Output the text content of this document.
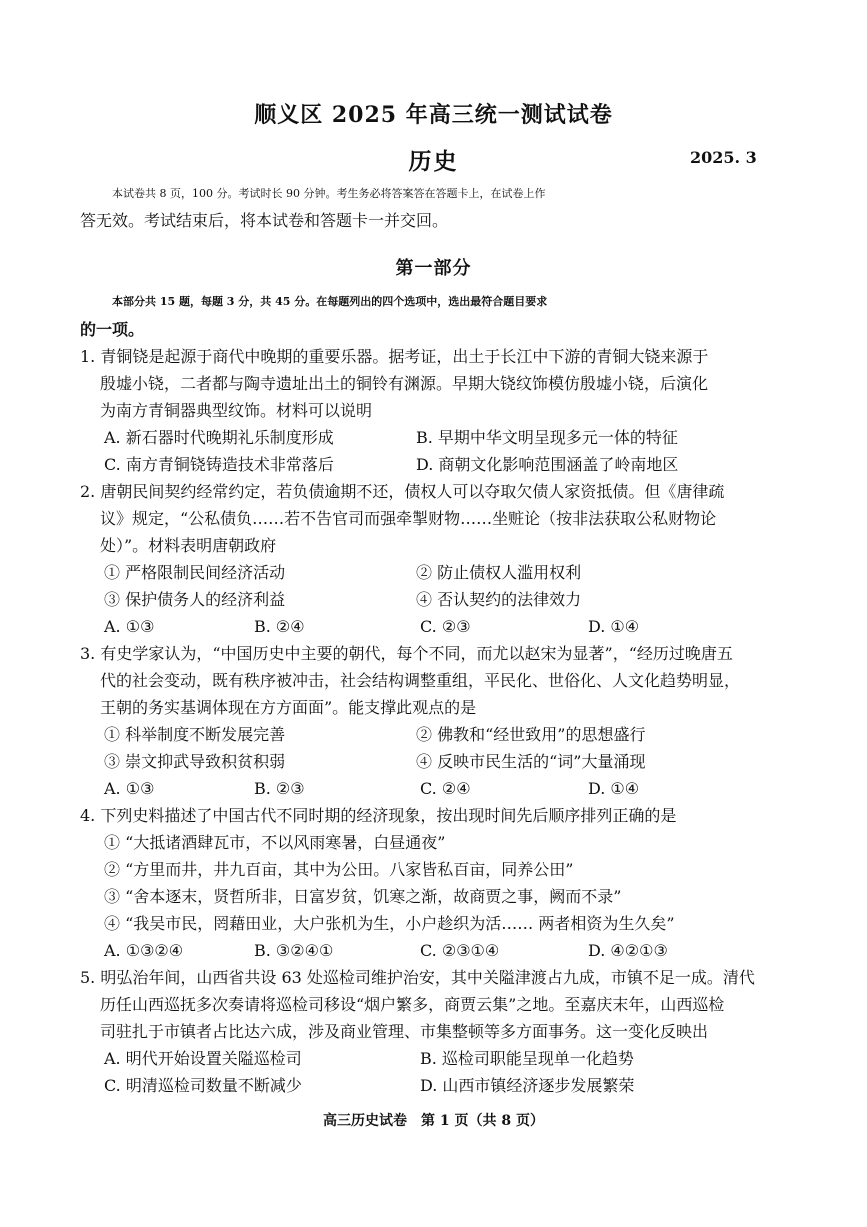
顺义区 2025 年高三统一测试试卷
历史	2025. 3
本试卷共 8 页，100 分。考试时长 90 分钟。考生务必将答案答在答题卡上，在试卷上作
答无效。考试结束后，将本试卷和答题卡一并交回。
第一部分
本部分共 15 题，每题 3 分，共 45 分。在每题列出的四个选项中，选出最符合题目要求
的一项。
1. 青铜铙是起源于商代中晚期的重要乐器。据考证，出土于长江中下游的青铜大铙来源于
殷墟小铙，二者都与陶寺遗址出土的铜铃有渊源。早期大铙纹饰模仿殷墟小铙，后演化
为南方青铜器典型纹饰。材料可以说明
A. 新石器时代晚期礼乐制度形成	B. 早期中华文明呈现多元一体的特征
C. 南方青铜铙铸造技术非常落后	D. 商朝文化影响范围涵盖了岭南地区
2. 唐朝民间契约经常约定，若负债逾期不还，债权人可以夺取欠债人家资抵债。但《唐律疏
议》规定，“公私债负……若不告官司而强牵掣财物……坐赃论（按非法获取公私财物论
处）”。材料表明唐朝政府
① 严格限制民间经济活动	② 防止债权人滥用权利
③ 保护债务人的经济利益	④ 否认契约的法律效力
A. ①③	B. ②④	C. ②③	D. ①④
3. 有史学家认为，“中国历史中主要的朝代，每个不同，而尤以赵宋为显著”，“经历过晚唐五
代的社会变动，既有秩序被冲击，社会结构调整重组，平民化、世俗化、人文化趋势明显，
王朝的务实基调体现在方方面面”。能支撑此观点的是
① 科举制度不断发展完善	② 佛教和“经世致用”的思想盛行
③ 崇文抑武导致积贫积弱	④ 反映市民生活的“词”大量涌现
A. ①③	B. ②③	C. ②④	D. ①④
4. 下列史料描述了中国古代不同时期的经济现象，按出现时间先后顺序排列正确的是
① “大抵诸酒肆瓦市，不以风雨寒暑，白昼通夜”
② “方里而井，井九百亩，其中为公田。八家皆私百亩，同养公田”
③ “舍本逐末，贤哲所非，日富岁贫，饥寒之渐，故商贾之事，阙而不录”
④ “我吴市民，罔藉田业，大户张机为生，小户趁织为活…… 两者相资为生久矣”
A. ①③②④	B. ③②④①	C. ②③①④	D. ④②①③
5. 明弘治年间，山西省共设 63 处巡检司维护治安，其中关隘津渡占九成，市镇不足一成。清代
历任山西巡抚多次奏请将巡检司移设“烟户繁多，商贾云集”之地。至嘉庆末年，山西巡检
司驻扎于市镇者占比达六成，涉及商业管理、市集整顿等多方面事务。这一变化反映出
A. 明代开始设置关隘巡检司	B. 巡检司职能呈现单一化趋势
C. 明清巡检司数量不断减少	D. 山西市镇经济逐步发展繁荣
高三历史试卷　第 1 页（共 8 页）
